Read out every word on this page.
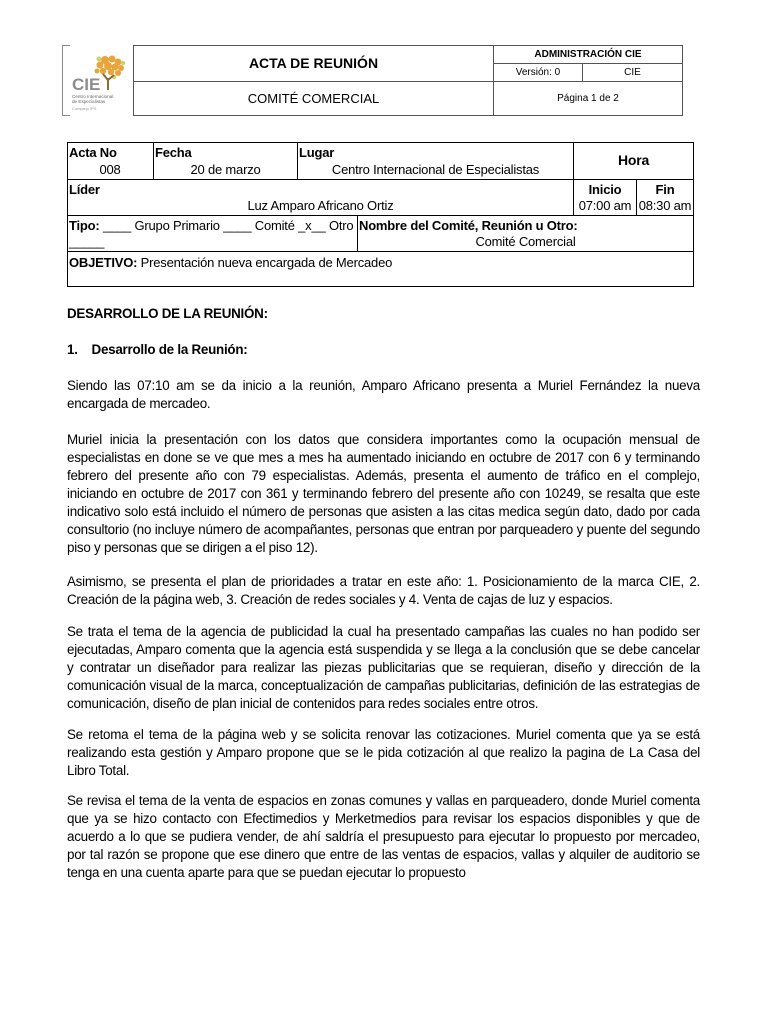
CIE
Centro Internacional
de Especialistas
Complejo IPS
ACTA DE REUNIÓN
COMITÉ COMERCIAL
ADMINISTRACIÓN CIE
Versión: 0	CIE
Página 1 de 2
Acta No
008
Fecha
20 de marzo
Lugar
Centro Internacional de Especialistas
Hora
Líder
Luz Amparo Africano Ortiz
Inicio
07:00 am
Fin
08:30 am
Tipo: ____ Grupo Primario ____ Comité _x__ Otro
_____
Nombre del Comité, Reunión u Otro:
Comité Comercial
OBJETIVO: Presentación nueva encargada de Mercadeo
DESARROLLO DE LA REUNIÓN:
1.    Desarrollo de la Reunión:
Siendo las 07:10 am se da inicio a la reunión, Amparo Africano presenta a Muriel Fernández la nueva encargada de mercadeo.
Muriel inicia la presentación con los datos que considera importantes como la ocupación mensual de especialistas en done se ve que mes a mes ha aumentado iniciando en octubre de 2017 con 6 y terminando febrero del presente año con 79 especialistas. Además, presenta el aumento de tráfico en el complejo, iniciando en octubre de 2017 con 361 y terminando febrero del presente año con 10249, se resalta que este indicativo solo está incluido el número de personas que asisten a las citas medica según dato, dado por cada consultorio (no incluye número de acompañantes, personas que entran por parqueadero y puente del segundo piso y personas que se dirigen a el piso 12).
Asimismo, se presenta el plan de prioridades a tratar en este año: 1. Posicionamiento de la marca CIE, 2. Creación de la página web, 3. Creación de redes sociales y 4. Venta de cajas de luz y espacios.
Se trata el tema de la agencia de publicidad la cual ha presentado campañas las cuales no han podido ser ejecutadas, Amparo comenta que la agencia está suspendida y se llega a la conclusión que se debe cancelar y contratar un diseñador para realizar las piezas publicitarias que se requieran, diseño y dirección de la comunicación visual de la marca, conceptualización de campañas publicitarias, definición de las estrategias de comunicación, diseño de plan inicial de contenidos para redes sociales entre otros.
Se retoma el tema de la página web y se solicita renovar las cotizaciones. Muriel comenta que ya se está realizando esta gestión y Amparo propone que se le pida cotización al que realizo la pagina de La Casa del Libro Total.
Se revisa el tema de la venta de espacios en zonas comunes y vallas en parqueadero, donde Muriel comenta que ya se hizo contacto con Efectimedios y Merketmedios para revisar los espacios disponibles y que de acuerdo a lo que se pudiera vender, de ahí saldría el presupuesto para ejecutar lo propuesto por mercadeo, por tal razón se propone que ese dinero que entre de las ventas de espacios, vallas y alquiler de auditorio se tenga en una cuenta aparte para que se puedan ejecutar lo propuesto
